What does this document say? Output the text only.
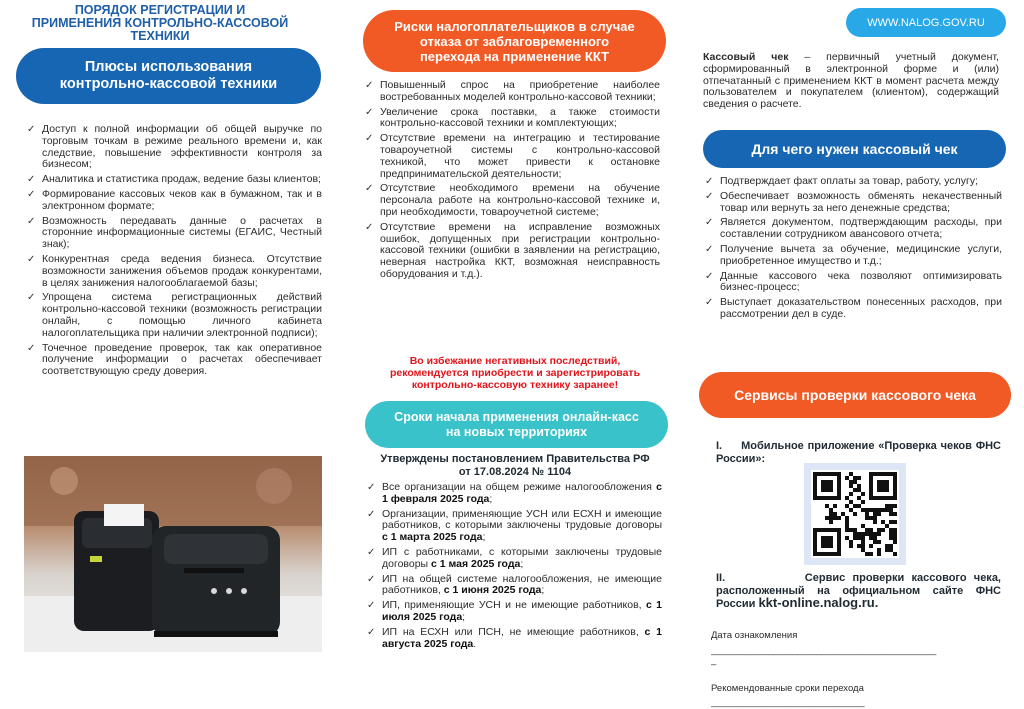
ПОРЯДОК РЕГИСТРАЦИИ И
ПРИМЕНЕНИЯ КОНТРОЛЬНО-КАССОВОЙ
ТЕХНИКИ
Плюсы использования
контрольно-кассовой техники
✓ Доступ к полной информации об общей выручке по торговым точкам в режиме реального времени и, как следствие, повышение эффективности контроля за бизнесом;
✓ Аналитика и статистика продаж, ведение базы клиентов;
✓ Формирование кассовых чеков как в бумажном, так и в электронном формате;
✓ Возможность передавать данные о расчетах в сторонние информационные системы (ЕГАИС, Честный знак);
✓ Конкурентная среда ведения бизнеса. Отсутствие возможности занижения объемов продаж конкурентами, в целях занижения налогооблагаемой базы;
✓ Упрощена система регистрационных действий контрольно-кассовой техники (возможность регистрации онлайн, с помощью личного кабинета налогоплательщика при наличии электронной подписи);
✓ Точечное проведение проверок, так как оперативное получение информации о расчетах обеспечивает соответствующую среду доверия.
Риски налогоплательщиков в случае
отказа от заблаговременного
перехода на применение ККТ
✓ Повышенный спрос на приобретение наиболее востребованных моделей контрольно-кассовой техники;
✓ Увеличение срока поставки, а также стоимости контрольно-кассовой техники и комплектующих;
✓ Отсутствие времени на интеграцию и тестирование товароучетной системы с контрольно-кассовой техникой, что может привести к остановке предпринимательской деятельности;
✓ Отсутствие необходимого времени на обучение персонала работе на контрольно-кассовой технике и, при необходимости, товароучетной системе;
✓ Отсутствие времени на исправление возможных ошибок, допущенных при регистрации контрольно-кассовой техники (ошибки в заявлении на регистрацию, неверная настройка ККТ, возможная неисправность оборудования и т.д.).
Во избежание негативных последствий,
рекомендуется приобрести и зарегистрировать
контрольно-кассовую технику заранее!
Сроки начала применения онлайн-касс
на новых территориях
Утверждены постановлением Правительства РФ
от 17.08.2024 № 1104
✓ Все организации на общем режиме налогообложения с 1 февраля 2025 года;
✓ Организации, применяющие УСН или ЕСХН и имеющие работников, с которыми заключены трудовые договоры с 1 марта 2025 года;
✓ ИП с работниками, с которыми заключены трудовые договоры с 1 мая 2025 года;
✓ ИП на общей системе налогообложения, не имеющие работников, с 1 июня 2025 года;
✓ ИП, применяющие УСН и не имеющие работников, с 1 июля 2025 года;
✓ ИП на ЕСХН или ПСН, не имеющие работников, с 1 августа 2025 года.
WWW.NALOG.GOV.RU
Кассовый чек – первичный учетный документ, сформированный в электронной форме и (или) отпечатанный с применением ККТ в момент расчета между пользователем и покупателем (клиентом), содержащий сведения о расчете.
Для чего нужен кассовый чек
✓ Подтверждает факт оплаты за товар, работу, услугу;
✓ Обеспечивает возможность обменять некачественный товар или вернуть за него денежные средства;
✓ Является документом, подтверждающим расходы, при составлении сотрудником авансового отчета;
✓ Получение вычета за обучение, медицинские услуги, приобретенное имущество и т.д.;
✓ Данные кассового чека позволяют оптимизировать бизнес-процесс;
✓ Выступает доказательством понесенных расходов, при рассмотрении дел в суде.
Сервисы проверки кассового чека
I. Мобильное приложение «Проверка чеков ФНС России»:
II.	Сервис проверки кассового чека, расположенный на официальном сайте ФНС России kkt-online.nalog.ru.
Дата ознакомления
_______________________________________________
–
Рекомендованные сроки перехода
________________________________
